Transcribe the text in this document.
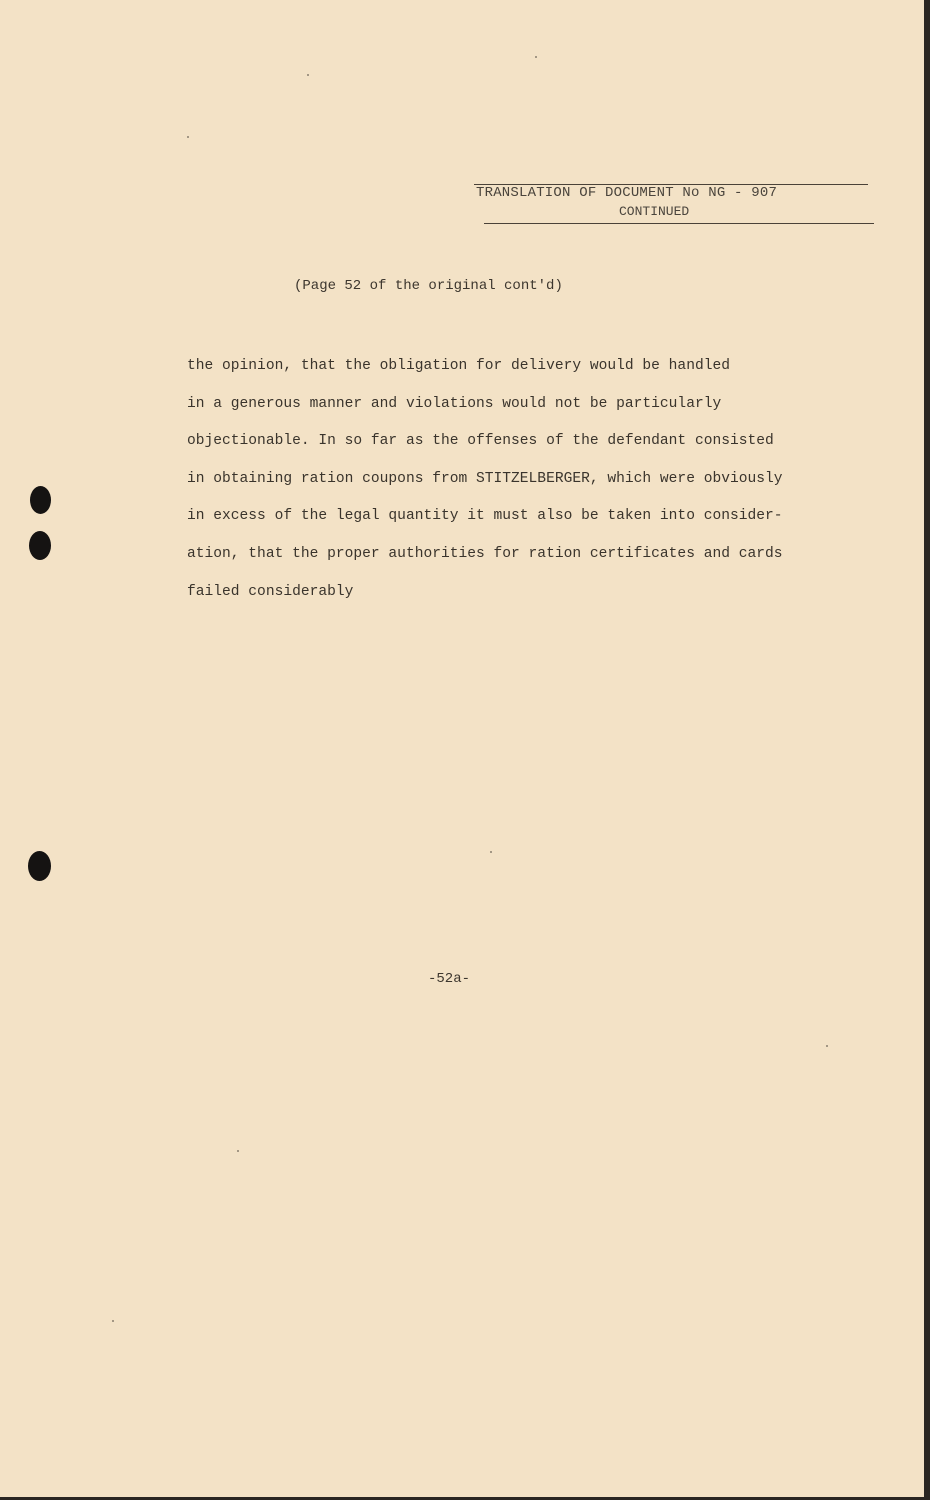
TRANSLATION OF DOCUMENT No NG - 907
CONTINUED
(Page 52 of the original cont'd)
the opinion, that the obligation for delivery would be handled
in a generous manner and violations would not be particularly
objectionable. In so far as the offenses of the defendant consisted
in obtaining ration coupons from STITZELBERGER, which were obviously
in excess of the legal quantity it must also be taken into consider-
ation, that the proper authorities for ration certificates and cards
failed considerably
-52a-
